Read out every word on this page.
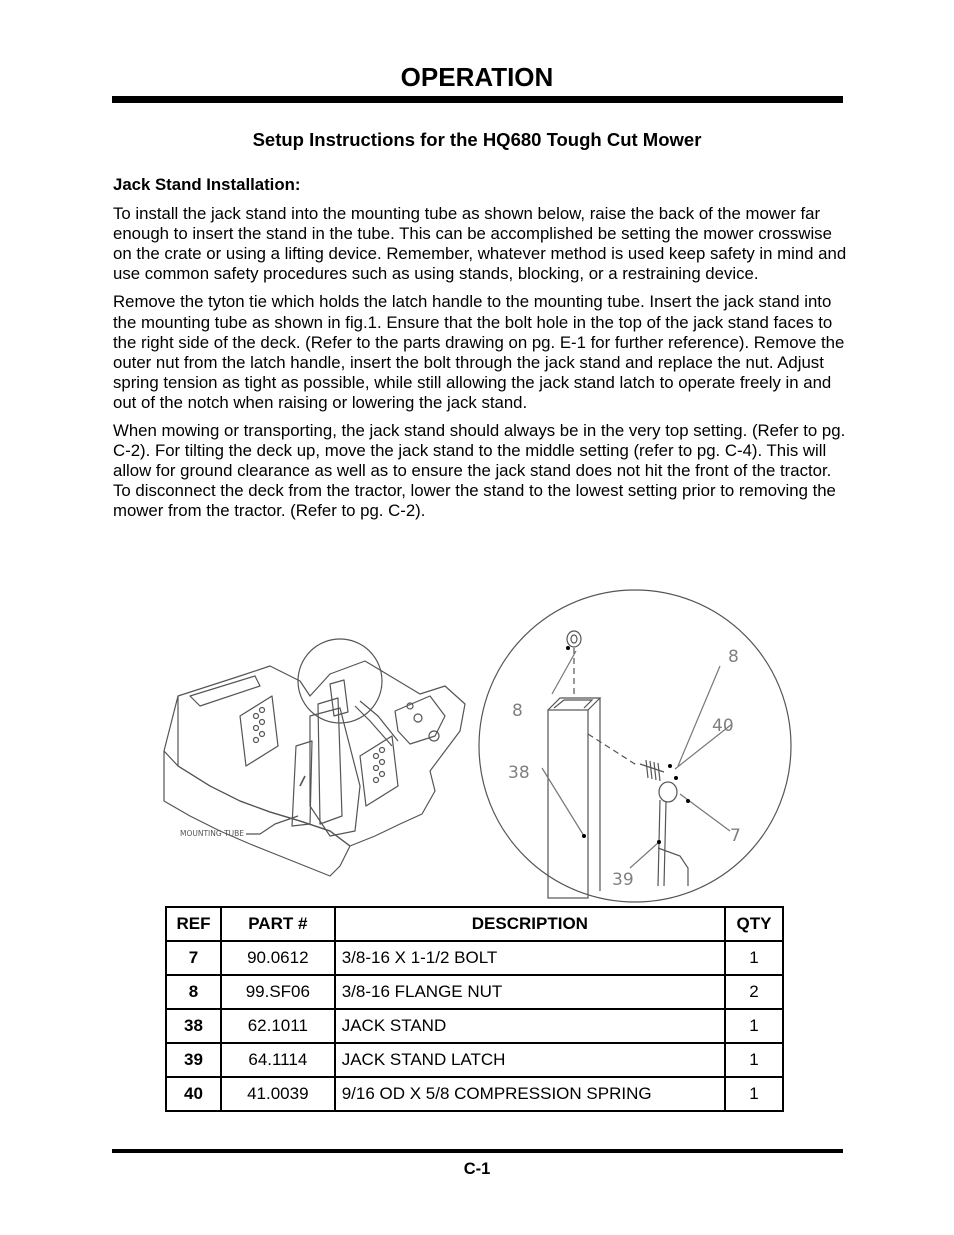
OPERATION
Setup Instructions for the HQ680 Tough Cut Mower
Jack Stand Installation:

To install the jack stand into the mounting tube as shown below, raise the back of the mower far enough to insert the stand in the tube. This can be accomplished be setting the mower crosswise on the crate or using a lifting device. Remember, whatever method is used keep safety in mind and use common safety procedures such as using stands, blocking, or a restraining device.

Remove the tyton tie which holds the latch handle to the mounting tube. Insert the jack stand into the mounting tube as shown in fig.1. Ensure that the bolt hole in the top of the jack stand faces to the right side of the deck. (Refer to the parts drawing on pg. E-1 for further reference). Remove the outer nut from the latch handle, insert the bolt through the jack stand and replace the nut. Adjust spring tension as tight as possible, while still allowing the jack stand latch to operate freely in and out of the notch when raising or lowering the jack stand.

When mowing or transporting, the jack stand should always be in the very top setting. (Refer to pg. C-2). For tilting the deck up, move the jack stand to the middle setting (refer to pg. C-4). This will allow for ground clearance as well as to ensure the jack stand does not hit the front of the tractor. To disconnect the deck from the tractor, lower the stand to the lowest setting prior to removing the mower from the tractor. (Refer to pg. C-2).

MOUNTING TUBE
8
8
40
38
7
39
REF	PART #	DESCRIPTION	QTY
7	90.0612	3/8-16 X 1-1/2 BOLT	1
8	99.SF06	3/8-16 FLANGE NUT	2
38	62.1011	JACK STAND	1
39	64.1114	JACK STAND LATCH	1
40	41.0039	9/16 OD X 5/8 COMPRESSION SPRING	1
C-1
